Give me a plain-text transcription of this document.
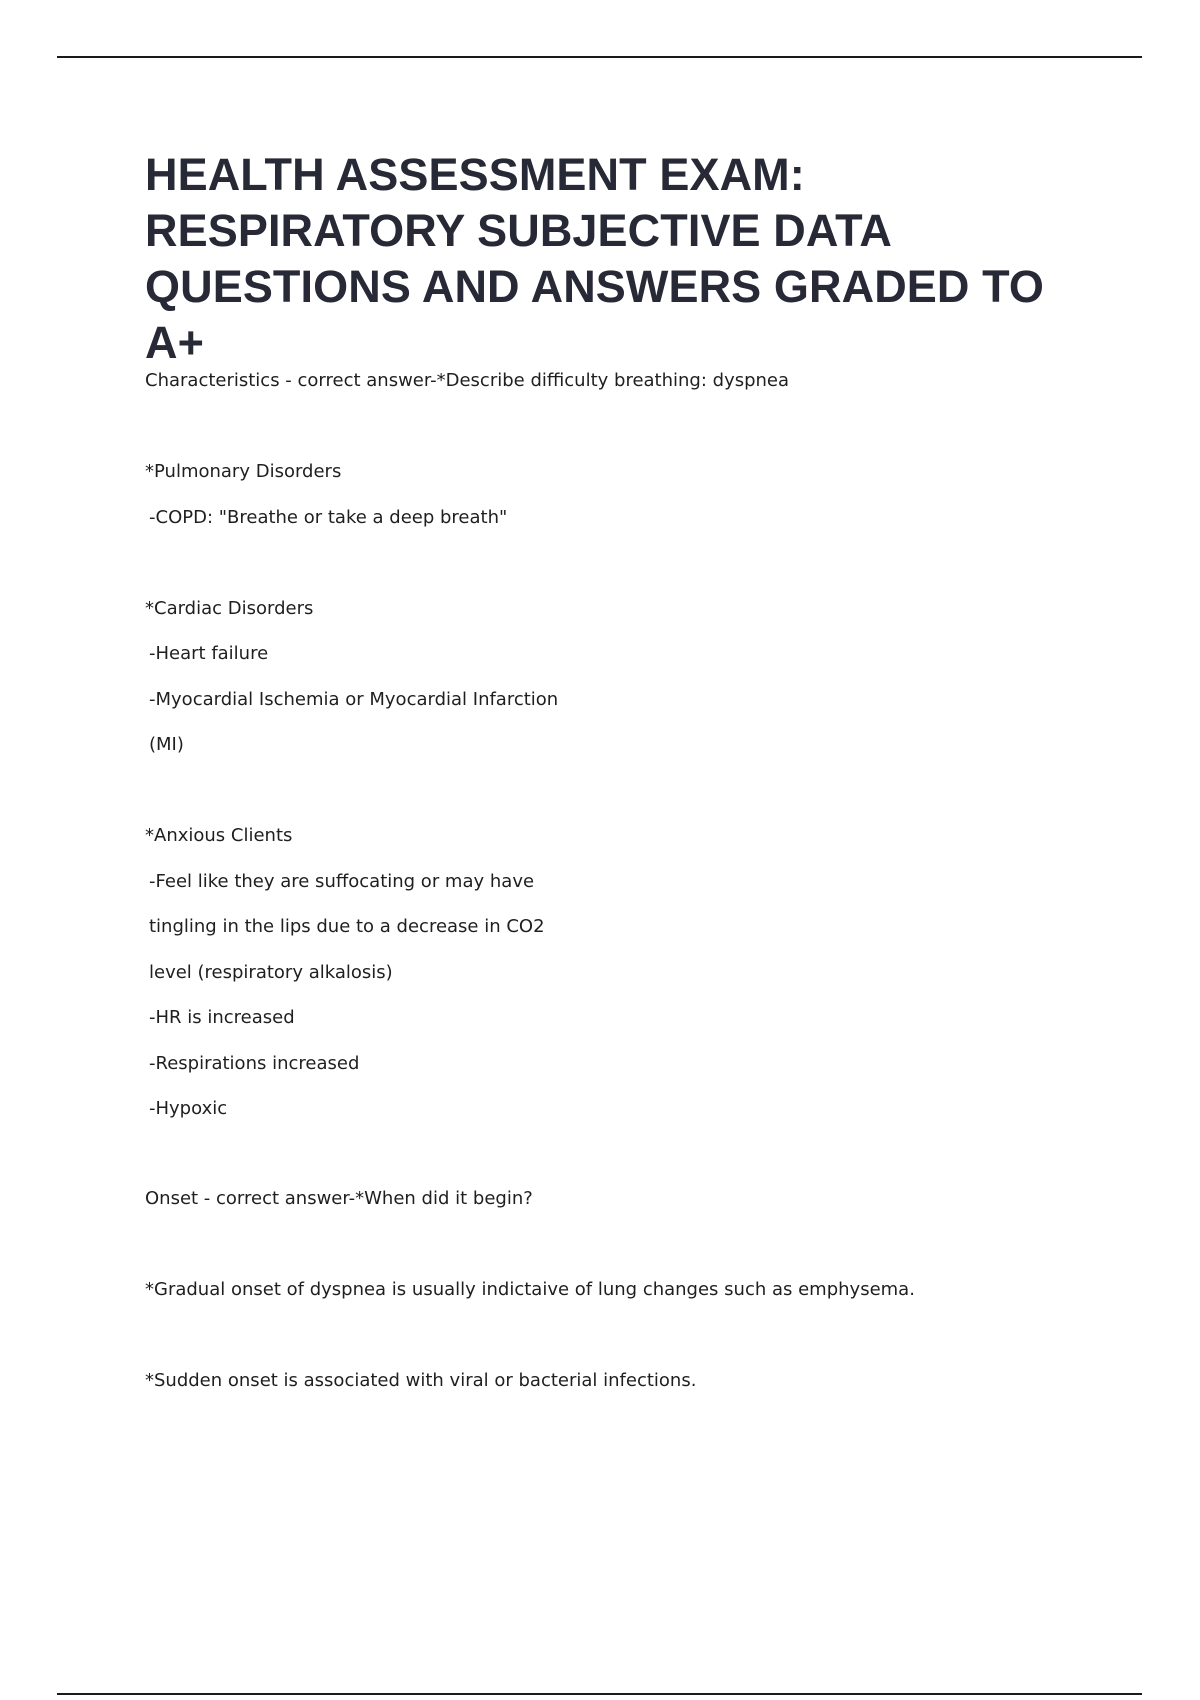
HEALTH ASSESSMENT EXAM: RESPIRATORY SUBJECTIVE DATA QUESTIONS AND ANSWERS GRADED TO A+

Characteristics - correct answer-*Describe difficulty breathing: dyspnea

*Pulmonary Disorders

-COPD: "Breathe or take a deep breath"

*Cardiac Disorders

-Heart failure

-Myocardial Ischemia or Myocardial Infarction

(MI)

*Anxious Clients

-Feel like they are suffocating or may have

tingling in the lips due to a decrease in CO2

level (respiratory alkalosis)

-HR is increased

-Respirations increased

-Hypoxic

Onset - correct answer-*When did it begin?

*Gradual onset of dyspnea is usually indictaive of lung changes such as emphysema.

*Sudden onset is associated with viral or bacterial infections.
